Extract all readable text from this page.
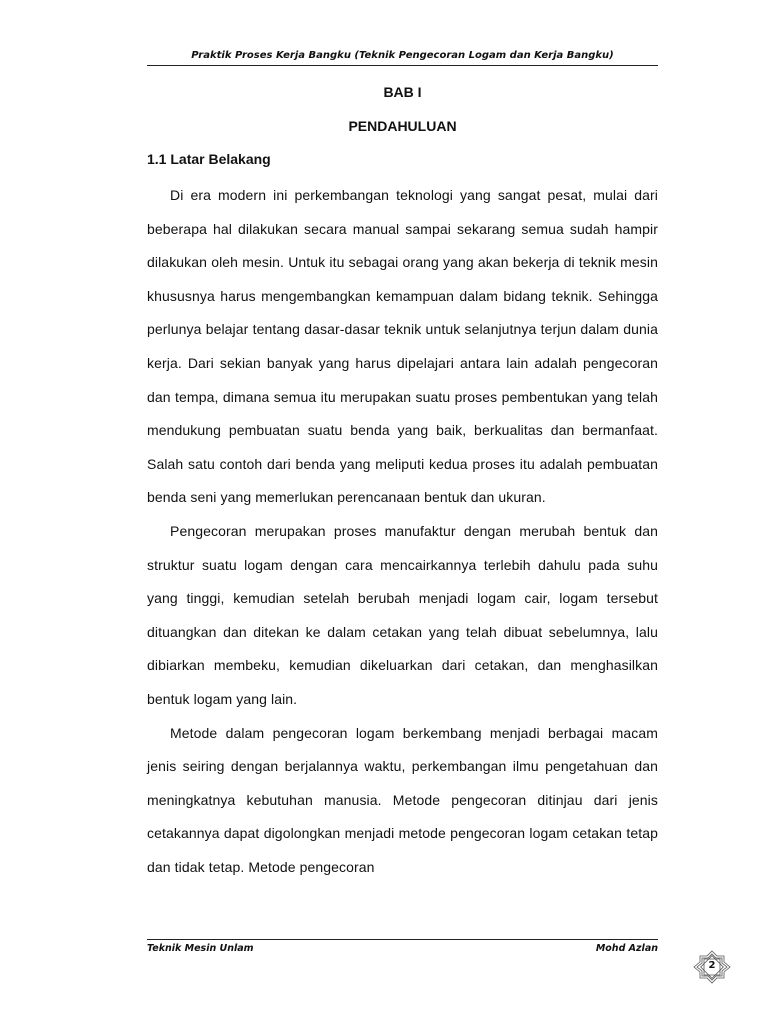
Praktik Proses Kerja Bangku (Teknik Pengecoran Logam dan Kerja Bangku)
BAB I
PENDAHULUAN
1.1 Latar Belakang

Di era modern ini perkembangan teknologi yang sangat pesat, mulai dari beberapa hal dilakukan secara manual sampai sekarang semua sudah hampir dilakukan oleh mesin. Untuk itu sebagai orang yang akan bekerja di teknik mesin khususnya harus mengembangkan kemampuan dalam bidang teknik. Sehingga perlunya belajar tentang dasar-dasar teknik untuk selanjutnya terjun dalam dunia kerja. Dari sekian banyak yang harus dipelajari antara lain adalah pengecoran dan tempa, dimana semua itu merupakan suatu proses pembentukan yang telah mendukung pembuatan suatu benda yang baik, berkualitas dan bermanfaat. Salah satu contoh dari benda yang meliputi kedua proses itu adalah pembuatan benda seni yang memerlukan perencanaan bentuk dan ukuran.

Pengecoran merupakan proses manufaktur dengan merubah bentuk dan struktur suatu logam dengan cara mencairkannya terlebih dahulu pada suhu yang tinggi, kemudian setelah berubah menjadi logam cair, logam tersebut dituangkan dan ditekan ke dalam cetakan yang telah dibuat sebelumnya, lalu dibiarkan membeku, kemudian dikeluarkan dari cetakan, dan menghasilkan bentuk logam yang lain.

Metode dalam pengecoran logam berkembang menjadi berbagai macam jenis seiring dengan berjalannya waktu, perkembangan ilmu pengetahuan dan meningkatnya kebutuhan manusia. Metode pengecoran ditinjau dari jenis cetakannya dapat digolongkan menjadi metode pengecoran logam cetakan tetap dan tidak tetap. Metode pengecoran

Teknik Mesin Unlam	Mohd Azlan
2
